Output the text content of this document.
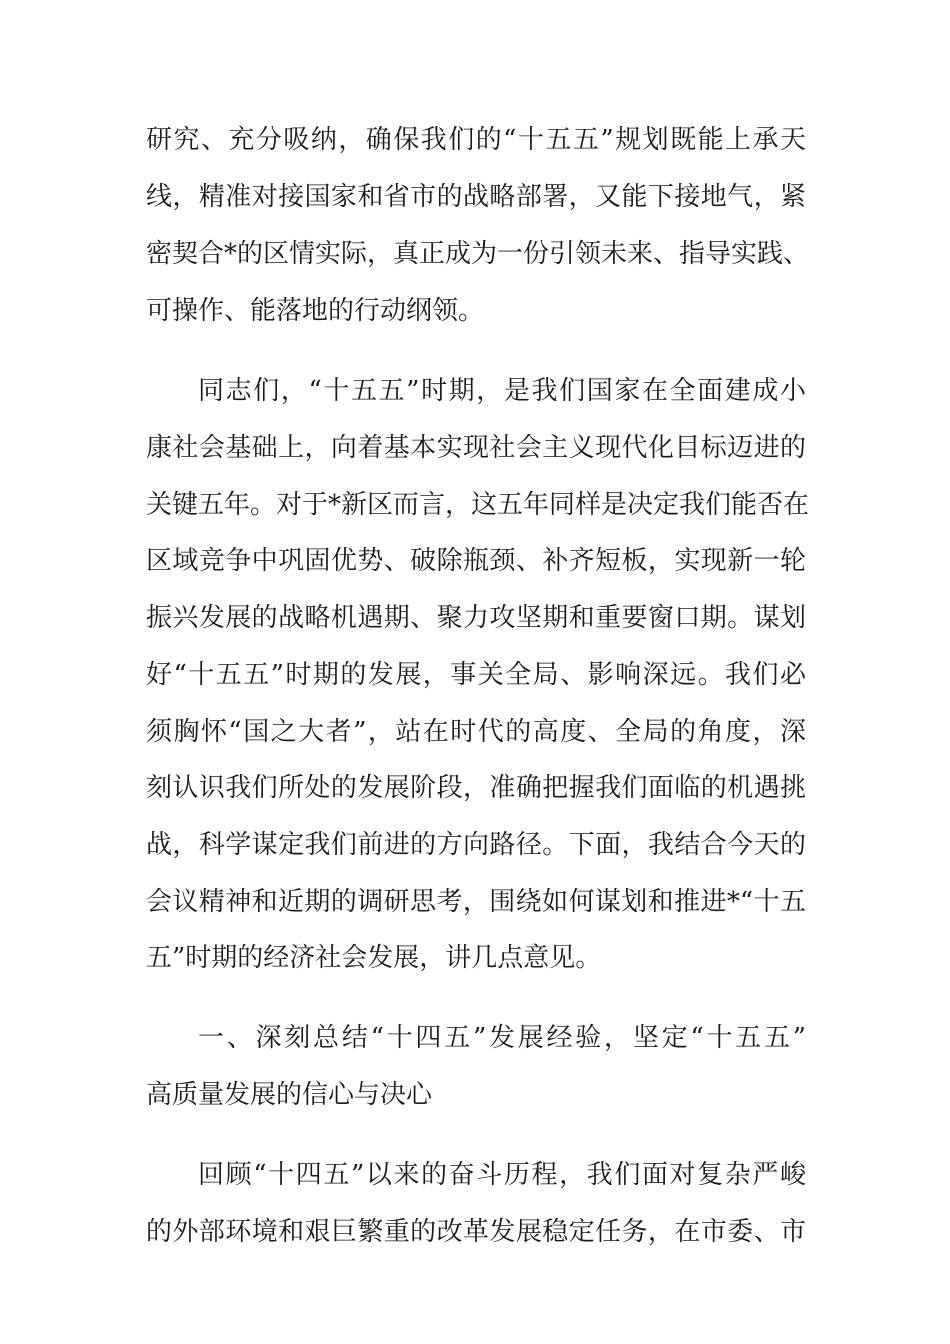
研究、充分吸纳，确保我们的“十五五”规划既能上承天
线，精准对接国家和省市的战略部署，又能下接地气，紧
密契合*的区情实际，真正成为一份引领未来、指导实践、
可操作、能落地的行动纲领。
同志们，“十五五”时期，是我们国家在全面建成小
康社会基础上，向着基本实现社会主义现代化目标迈进的
关键五年。对于*新区而言，这五年同样是决定我们能否在
区域竞争中巩固优势、破除瓶颈、补齐短板，实现新一轮
振兴发展的战略机遇期、聚力攻坚期和重要窗口期。谋划
好“十五五”时期的发展，事关全局、影响深远。我们必
须胸怀“国之大者”，站在时代的高度、全局的角度，深
刻认识我们所处的发展阶段，准确把握我们面临的机遇挑
战，科学谋定我们前进的方向路径。下面，我结合今天的
会议精神和近期的调研思考，围绕如何谋划和推进*“十五
五”时期的经济社会发展，讲几点意见。
一、深刻总结“十四五”发展经验，坚定“十五五”
高质量发展的信心与决心
回顾“十四五”以来的奋斗历程，我们面对复杂严峻
的外部环境和艰巨繁重的改革发展稳定任务，在市委、市
